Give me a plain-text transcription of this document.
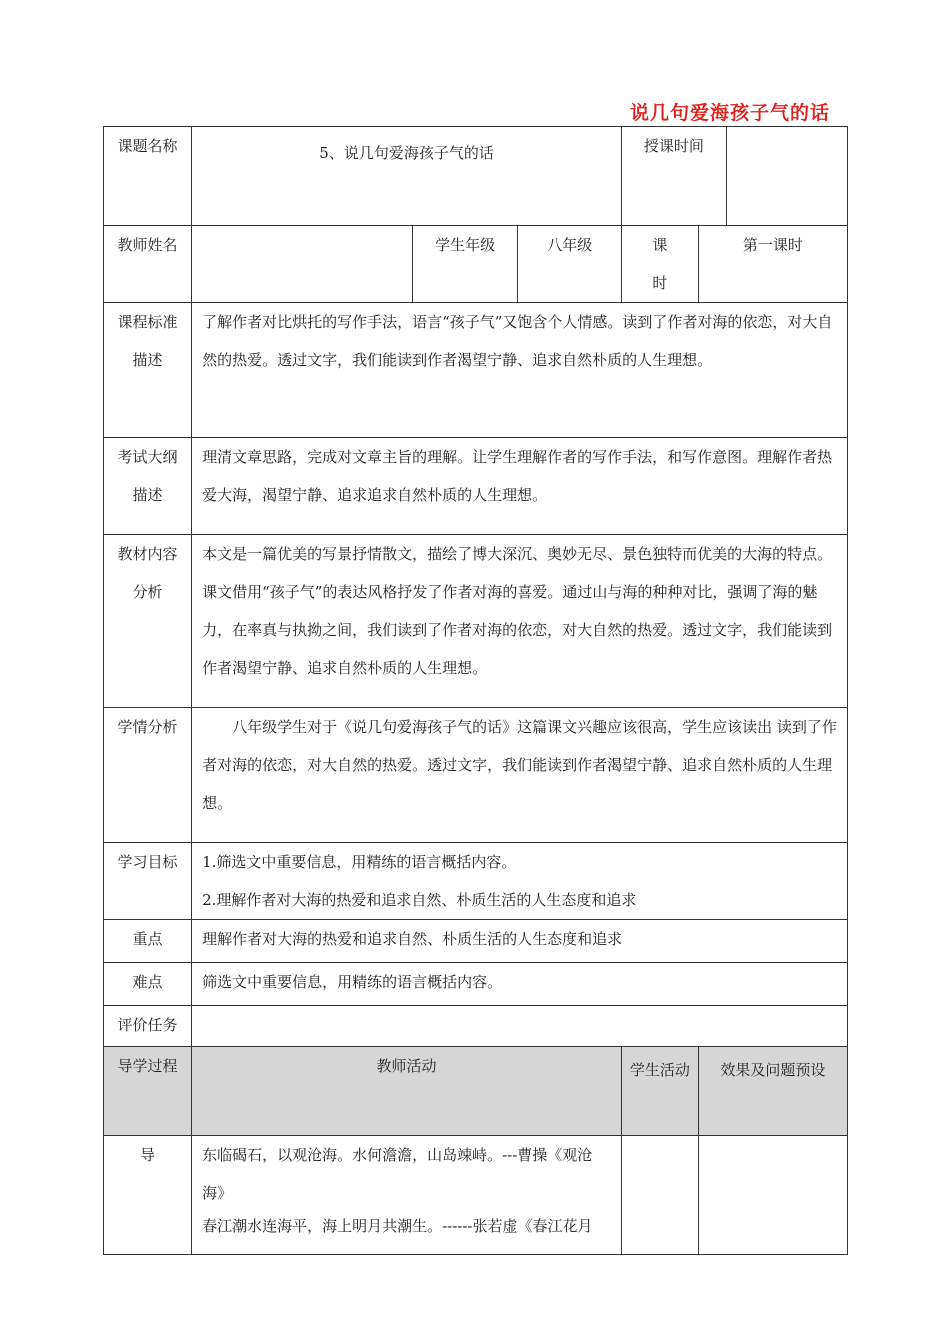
说几句爱海孩子气的话
课题名称	5、说几句爱海孩子气的话			授课时间		
教师姓名		学生年级	八年级	课　　时	第一课时	
课程标准描述	了解作者对比烘托的写作手法，语言“孩子气”又饱含个人情感。读到了作者对海的依恋，对大自然的热爱。透过文字，我们能读到作者渴望宁静、追求自然朴质的人生理想。					
考试大纲描述	理清文章思路，完成对文章主旨的理解。让学生理解作者的写作手法，和写作意图。理解作者热爱大海，渴望宁静、追求追求自然朴质的人生理想。					
教材内容分析	本文是一篇优美的写景抒情散文，描绘了博大深沉、奥妙无尽、景色独特而优美的大海的特点。课文借用“孩子气”的表达风格抒发了作者对海的喜爱。通过山与海的种种对比，强调了海的魅力，在率真与执拗之间，我们读到了作者对海的依恋，对大自然的热爱。透过文字，我们能读到作者渴望宁静、追求自然朴质的人生理想。					
学情分析	八年级学生对于《说几句爱海孩子气的话》这篇课文兴趣应该很高，学生应该读出 读到了作者对海的依恋，对大自然的热爱。透过文字，我们能读到作者渴望宁静、追求自然朴质的人生理想。					
学习目标	1.筛选文中重要信息，用精练的语言概括内容。
2.理解作者对大海的热爱和追求自然、朴质生活的人生态度和追求					

重点	理解作者对大海的热爱和追求自然、朴质生活的人生态度和追求					
难点	筛选文中重要信息，用精练的语言概括内容。					
评价任务						
导学过程	教师活动			学生活动	效果及问题预设	
导	东临碣石，以观沧海。水何澹澹，山岛竦峙。---曹操《观沧海》
春江潮水连海平，海上明月共潮生。------张若虚《春江花月					
